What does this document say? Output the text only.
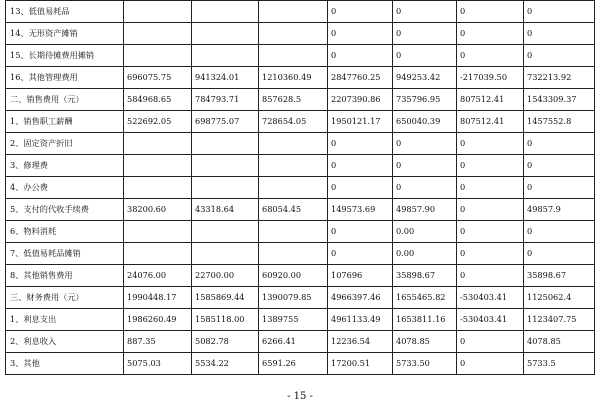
13、低值易耗品				0	0	0	0
14、无形资产摊销				0	0	0	0
15、长期待摊费用摊销				0	0	0	0
16、其他管理费用	696075.75	941324.01	1210360.49	2847760.25	949253.42	-217039.50	732213.92
二、销售费用（元）	584968.65	784793.71	857628.5	2207390.86	735796.95	807512.41	1543309.37
1、销售职工薪酬	522692.05	698775.07	728654.05	1950121.17	650040.39	807512.41	1457552.8
2、固定资产折旧				0	0	0	0
3、修理费				0	0	0	0
4、办公费				0	0	0	0
5、支付的代收手续费	38200.60	43318.64	68054.45	149573.69	49857.90	0	49857.9
6、物料消耗				0	0.00	0	0
7、低值易耗品摊销				0	0.00	0	0
8、其他销售费用	24076.00	22700.00	60920.00	107696	35898.67	0	35898.67
三、财务费用（元）	1990448.17	1585869.44	1390079.85	4966397.46	1655465.82	-530403.41	1125062.4
1、利息支出	1986260.49	1585118.00	1389755	4961133.49	1653811.16	-530403.41	1123407.75
2、利息收入	887.35	5082.78	6266.41	12236.54	4078.85	0	4078.85
3、其他	5075.03	5534.22	6591.26	17200.51	5733.50	0	5733.5
- 15 -
